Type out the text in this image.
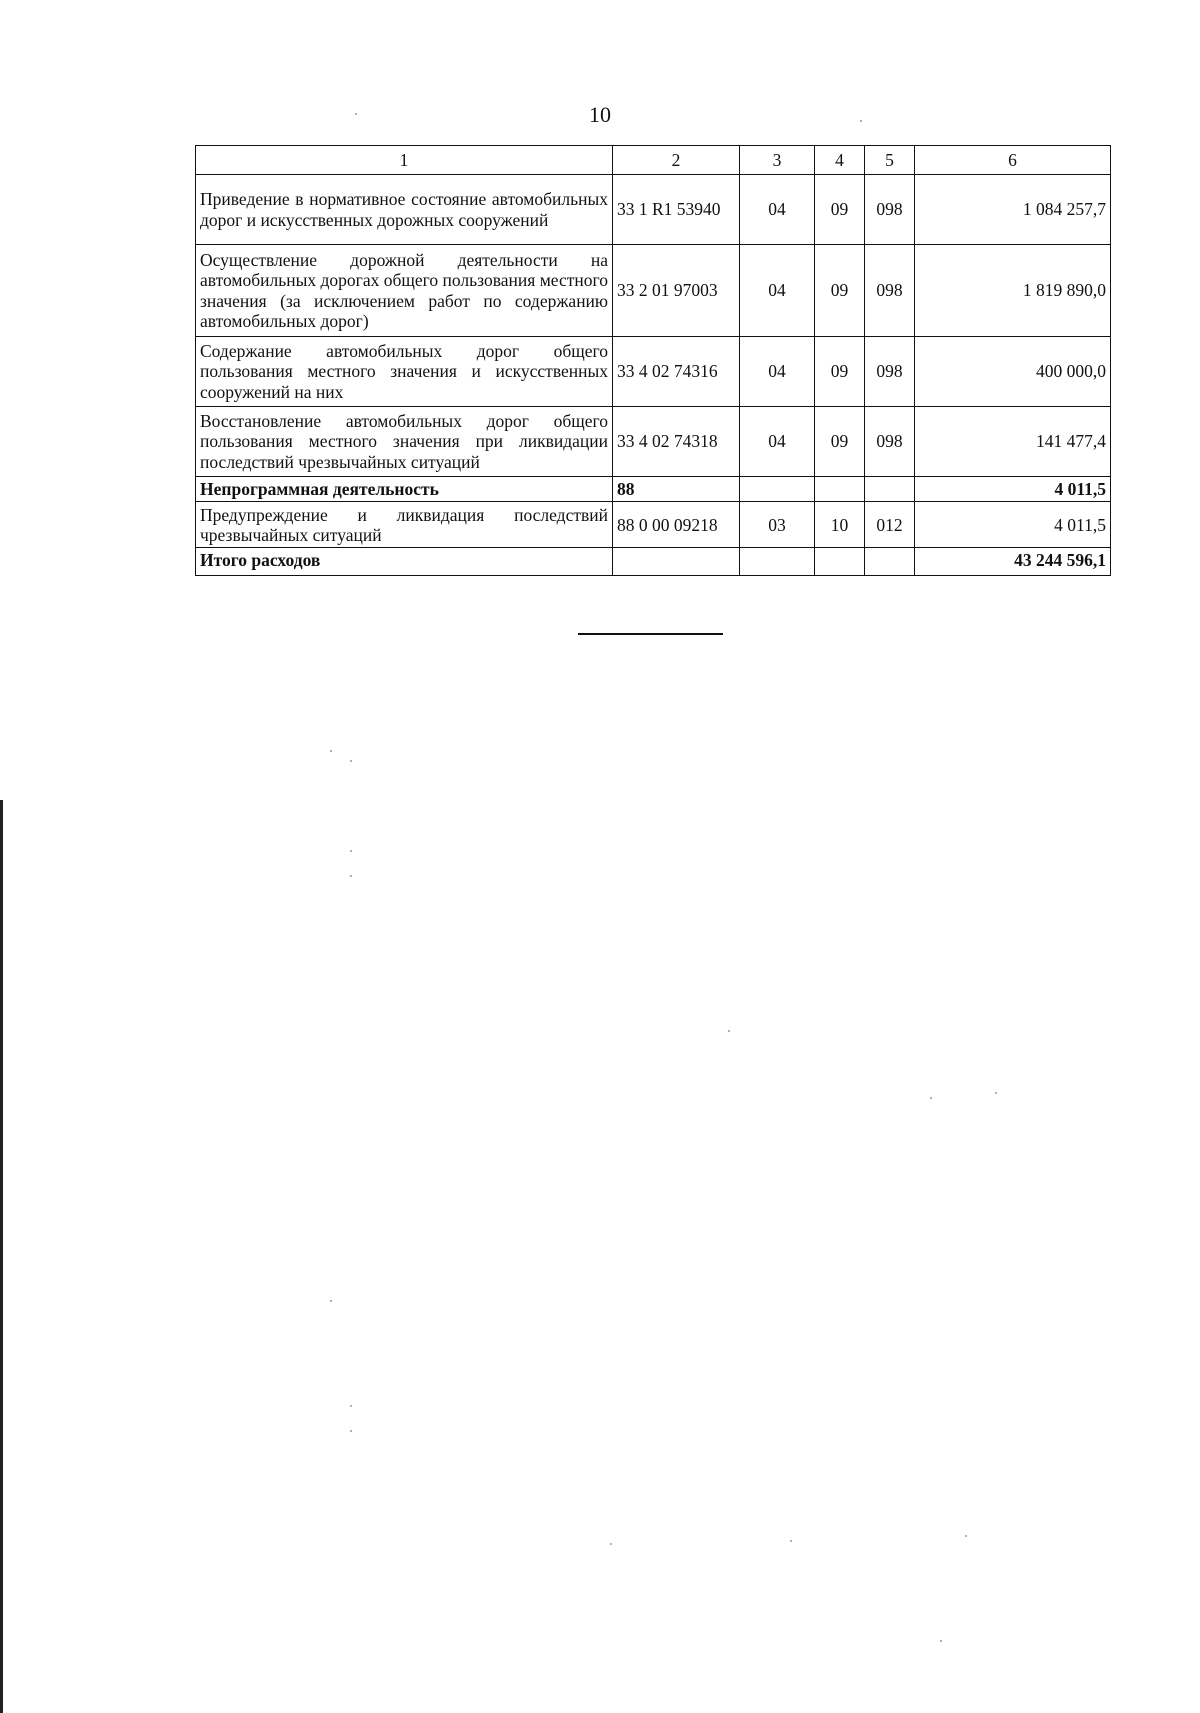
10
1	2	3	4	5	6
Приведение в нормативное состояние автомобильных дорог и искусственных дорожных сооружений	33 1 R1 53940	04	09	098	1 084 257,7
Осуществление дорожной деятельности на автомобильных дорогах общего пользования местного значения (за исключением работ по содержанию автомобильных дорог)	33 2 01 97003	04	09	098	1 819 890,0
Содержание автомобильных дорог общего пользования местного значения и искусственных сооружений на них	33 4 02 74316	04	09	098	400 000,0
Восстановление автомобильных дорог общего пользования местного значения при ликвидации последствий чрезвычайных ситуаций	33 4 02 74318	04	09	098	141 477,4
Непрограммная деятельность	88				4 011,5
Предупреждение и ликвидация последствий чрезвычайных ситуаций	88 0 00 09218	03	10	012	4 011,5
Итого расходов					43 244 596,1
